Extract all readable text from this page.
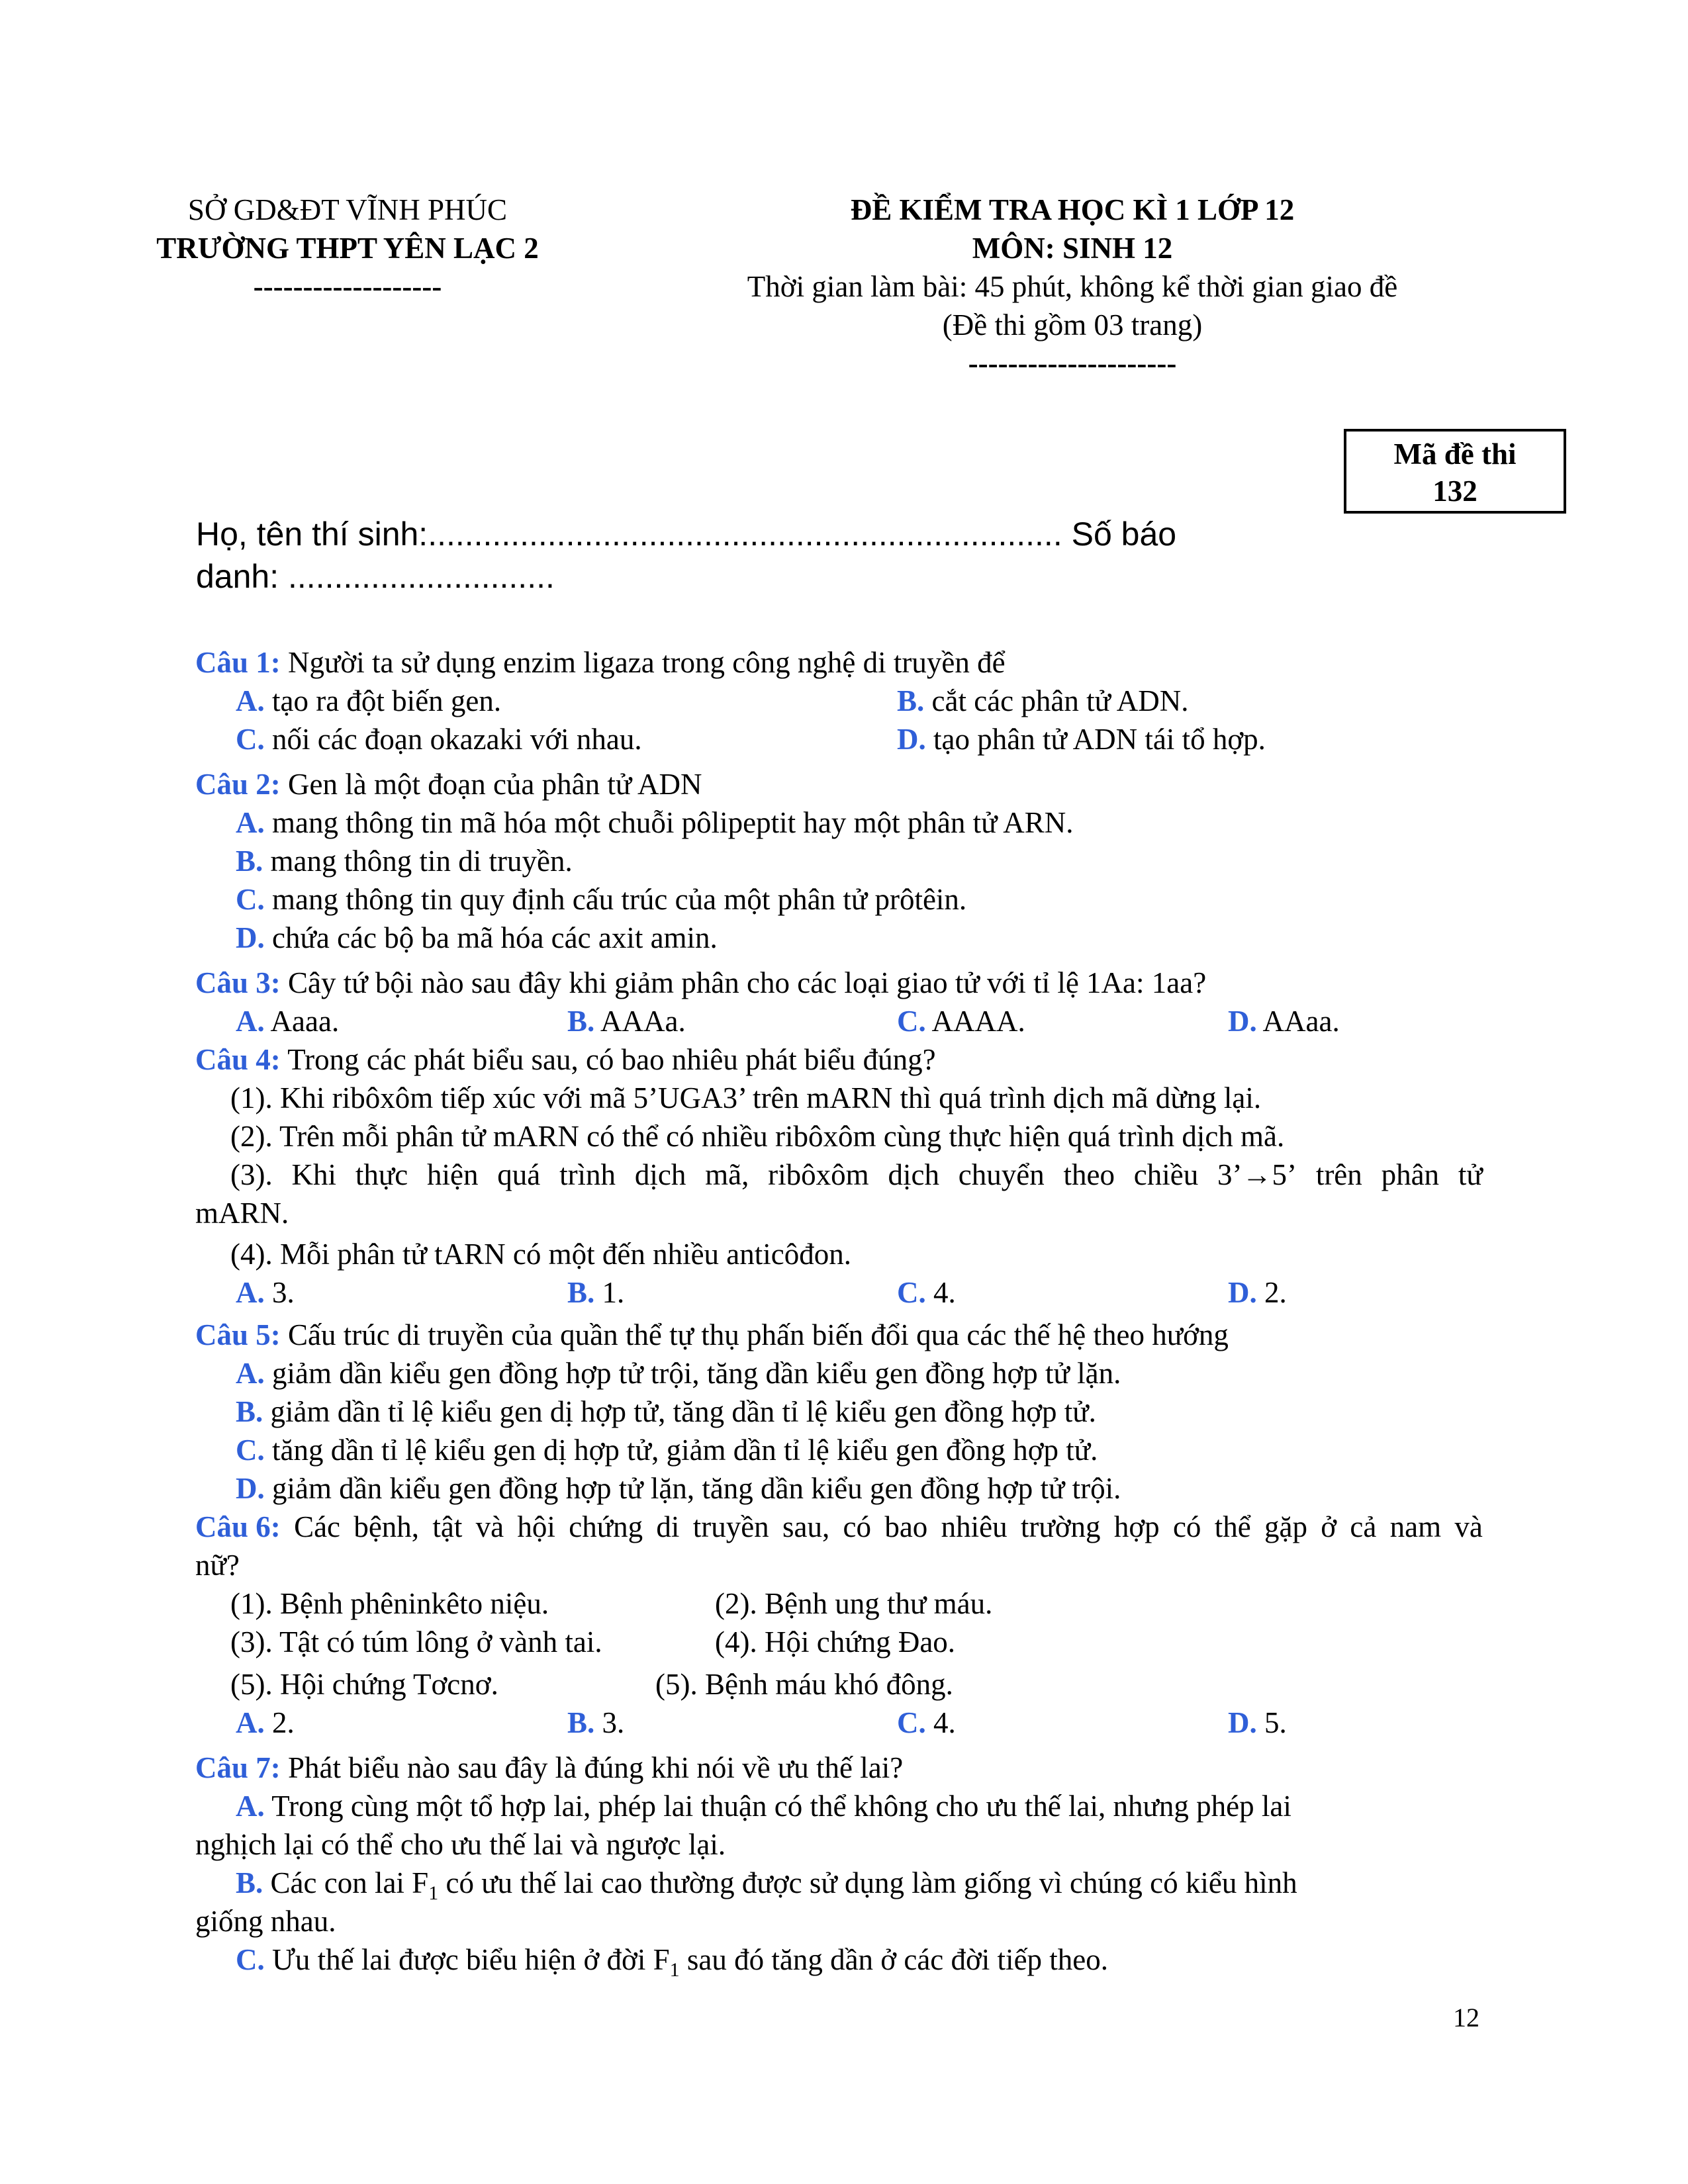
SỞ GD&ĐT VĨNH PHÚC
TRƯỜNG THPT YÊN LẠC 2
-------------------
ĐỀ KIỂM TRA HỌC KÌ 1 LỚP 12
MÔN: SINH 12
Thời gian làm bài: 45 phút, không kể thời gian giao đề
(Đề thi gồm 03 trang)
---------------------
Mã đề thi
132
Họ, tên thí sinh:..................................................................... Số báo
danh: .............................
Câu 1: Người ta sử dụng enzim ligaza trong công nghệ di truyền để
A. tạo ra đột biến gen.	B. cắt các phân tử ADN.
C. nối các đoạn okazaki với nhau.	D. tạo phân tử ADN tái tổ hợp.
Câu 2: Gen là một đoạn của phân tử ADN
A. mang thông tin mã hóa một chuỗi pôlipeptit hay một phân tử ARN.
B. mang thông tin di truyền.
C. mang thông tin quy định cấu trúc của một phân tử prôtêin.
D. chứa các bộ ba mã hóa các axit amin.
Câu 3: Cây tứ bội nào sau đây khi giảm phân cho các loại giao tử với tỉ lệ 1Aa: 1aa?
A. Aaaa.	B. AAAa.	C. AAAA.	D. AAaa.
Câu 4: Trong các phát biểu sau, có bao nhiêu phát biểu đúng?
(1). Khi ribôxôm tiếp xúc với mã 5’UGA3’ trên mARN thì quá trình dịch mã dừng lại.
(2). Trên mỗi phân tử mARN có thể có nhiều ribôxôm cùng thực hiện quá trình dịch mã.
(3). Khi thực hiện quá trình dịch mã, ribôxôm dịch chuyển theo chiều 3’→5’ trên phân tử
mARN.
(4). Mỗi phân tử tARN có một đến nhiều anticôđon.
A. 3.	B. 1.	C. 4.	D. 2.
Câu 5: Cấu trúc di truyền của quần thể tự thụ phấn biến đổi qua các thế hệ theo hướng
A. giảm dần kiểu gen đồng hợp tử trội, tăng dần kiểu gen đồng hợp tử lặn.
B. giảm dần tỉ lệ kiểu gen dị hợp tử, tăng dần tỉ lệ kiểu gen đồng hợp tử.
C. tăng dần tỉ lệ kiểu gen dị hợp tử, giảm dần tỉ lệ kiểu gen đồng hợp tử.
D. giảm dần kiểu gen đồng hợp tử lặn, tăng dần kiểu gen đồng hợp tử trội.
Câu 6: Các bệnh, tật và hội chứng di truyền sau, có bao nhiêu trường hợp có thể gặp ở cả nam và
nữ?
(1). Bệnh phêninkêto niệu.	(2). Bệnh ung thư máu.
(3). Tật có túm lông ở vành tai.	(4). Hội chứng Đao.
(5). Hội chứng Tơcnơ.	(5). Bệnh máu khó đông.
A. 2.	B. 3.	C. 4.	D. 5.
Câu 7: Phát biểu nào sau đây là đúng khi nói về ưu thế lai?
A. Trong cùng một tổ hợp lai, phép lai thuận có thể không cho ưu thế lai, nhưng phép lai
nghịch lại có thể cho ưu thế lai và ngược lại.
B. Các con lai $F_1$ có ưu thế lai cao thường được sử dụng làm giống vì chúng có kiểu hình
giống nhau.
C. Ưu thế lai được biểu hiện ở đời $F_1$ sau đó tăng dần ở các đời tiếp theo.
12
